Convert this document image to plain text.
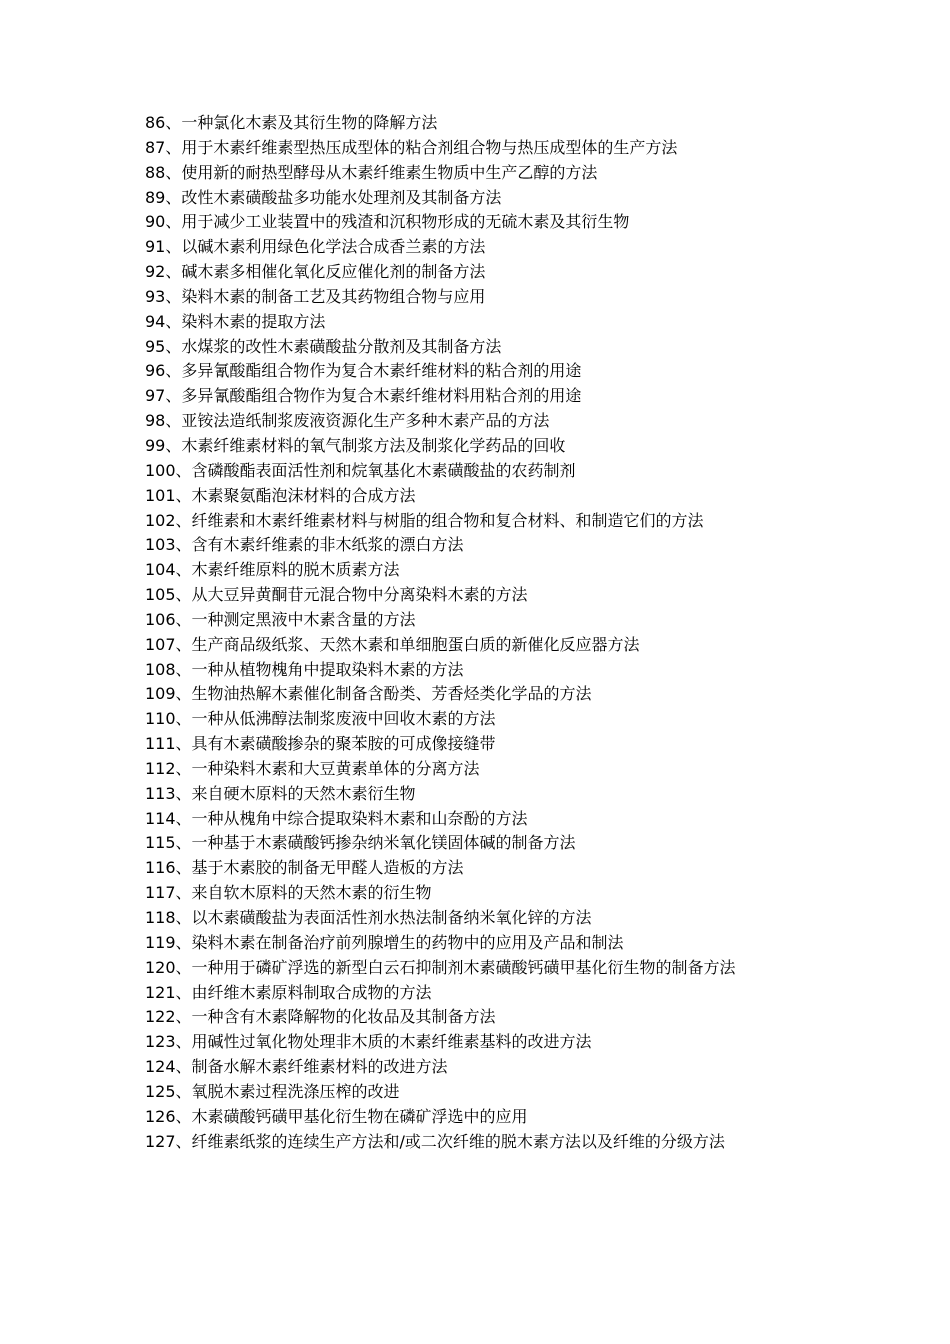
86、一种氯化木素及其衍生物的降解方法

87、用于木素纤维素型热压成型体的粘合剂组合物与热压成型体的生产方法

88、使用新的耐热型酵母从木素纤维素生物质中生产乙醇的方法

89、改性木素磺酸盐多功能水处理剂及其制备方法

90、用于减少工业装置中的残渣和沉积物形成的无硫木素及其衍生物

91、以碱木素利用绿色化学法合成香兰素的方法

92、碱木素多相催化氧化反应催化剂的制备方法

93、染料木素的制备工艺及其药物组合物与应用

94、染料木素的提取方法

95、水煤浆的改性木素磺酸盐分散剂及其制备方法

96、多异氰酸酯组合物作为复合木素纤维材料的粘合剂的用途

97、多异氰酸酯组合物作为复合木素纤维材料用粘合剂的用途

98、亚铵法造纸制浆废液资源化生产多种木素产品的方法

99、木素纤维素材料的氧气制浆方法及制浆化学药品的回收

100、含磷酸酯表面活性剂和烷氧基化木素磺酸盐的农药制剂

101、木素聚氨酯泡沫材料的合成方法

102、纤维素和木素纤维素材料与树脂的组合物和复合材料、和制造它们的方法

103、含有木素纤维素的非木纸浆的漂白方法

104、木素纤维原料的脱木质素方法

105、从大豆异黄酮苷元混合物中分离染料木素的方法

106、一种测定黑液中木素含量的方法

107、生产商品级纸浆、天然木素和单细胞蛋白质的新催化反应器方法

108、一种从植物槐角中提取染料木素的方法

109、生物油热解木素催化制备含酚类、芳香烃类化学品的方法

110、一种从低沸醇法制浆废液中回收木素的方法

111、具有木素磺酸掺杂的聚苯胺的可成像接缝带

112、一种染料木素和大豆黄素单体的分离方法

113、来自硬木原料的天然木素衍生物

114、一种从槐角中综合提取染料木素和山奈酚的方法

115、一种基于木素磺酸钙掺杂纳米氧化镁固体碱的制备方法

116、基于木素胶的制备无甲醛人造板的方法

117、来自软木原料的天然木素的衍生物

118、以木素磺酸盐为表面活性剂水热法制备纳米氧化锌的方法

119、染料木素在制备治疗前列腺增生的药物中的应用及产品和制法

120、一种用于磷矿浮选的新型白云石抑制剂木素磺酸钙磺甲基化衍生物的制备方法

121、由纤维木素原料制取合成物的方法

122、一种含有木素降解物的化妆品及其制备方法

123、用碱性过氧化物处理非木质的木素纤维素基料的改进方法

124、制备水解木素纤维素材料的改进方法

125、氧脱木素过程洗涤压榨的改进

126、木素磺酸钙磺甲基化衍生物在磷矿浮选中的应用

127、纤维素纸浆的连续生产方法和/或二次纤维的脱木素方法以及纤维的分级方法
